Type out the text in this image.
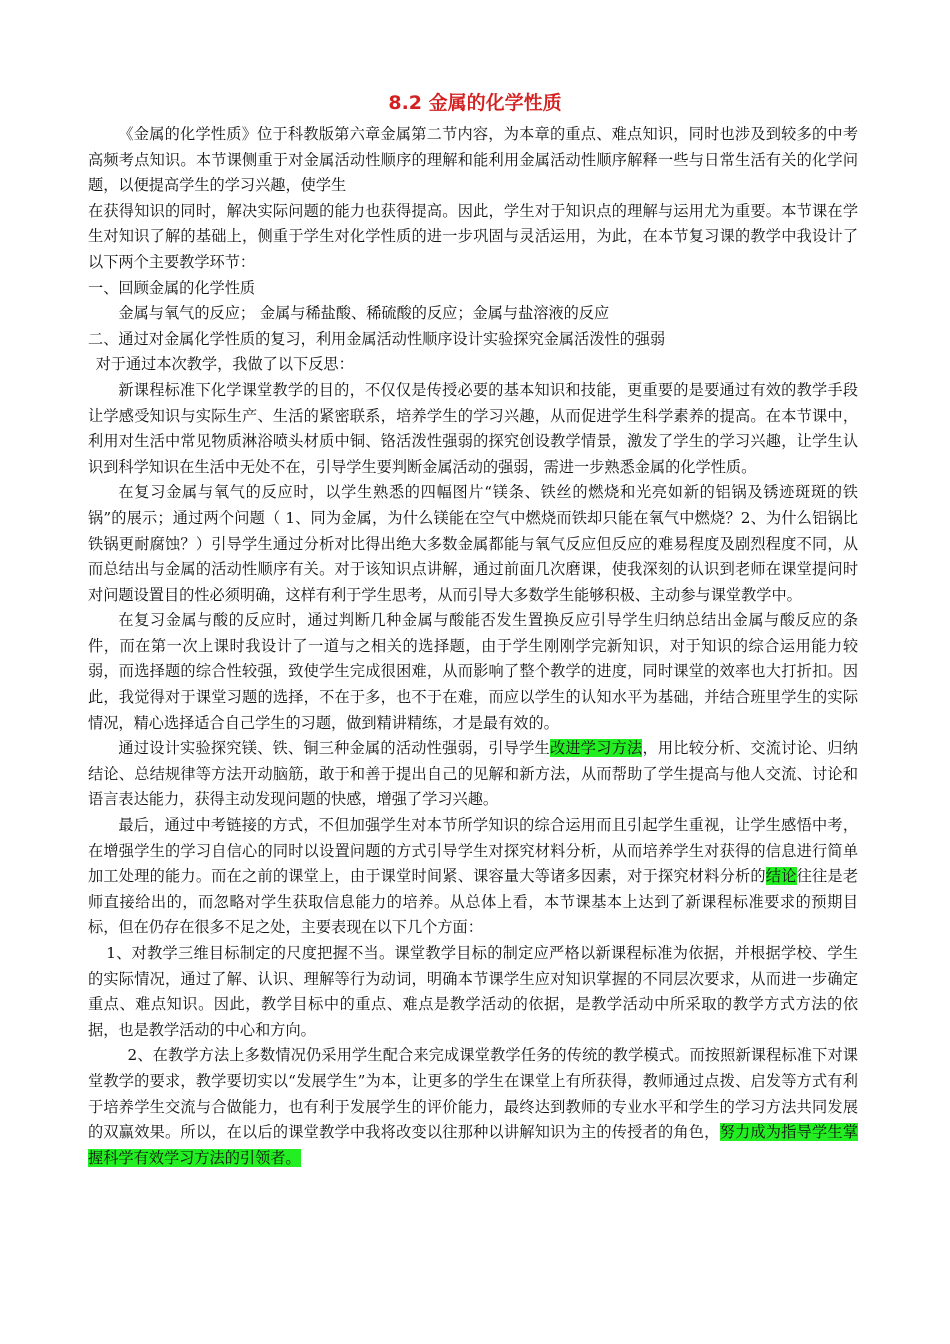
8.2 金属的化学性质

《金属的化学性质》位于科教版第六章金属第二节内容，为本章的重点、难点知识，同时也涉及到较多的中考高频考点知识。本节课侧重于对金属活动性顺序的理解和能利用金属活动性顺序解释一些与日常生活有关的化学问题，以便提高学生的学习兴趣，使学生

在获得知识的同时，解决实际问题的能力也获得提高。因此，学生对于知识点的理解与运用尤为重要。本节课在学生对知识了解的基础上，侧重于学生对化学性质的进一步巩固与灵活运用，为此，在本节复习课的教学中我设计了以下两个主要教学环节：

一、回顾金属的化学性质

金属与氧气的反应； 金属与稀盐酸、稀硫酸的反应；金属与盐溶液的反应

二、通过对金属化学性质的复习，利用金属活动性顺序设计实验探究金属活泼性的强弱

对于通过本次教学，我做了以下反思：

新课程标准下化学课堂教学的目的，不仅仅是传授必要的基本知识和技能，更重要的是要通过有效的教学手段让学感受知识与实际生产、生活的紧密联系，培养学生的学习兴趣，从而促进学生科学素养的提高。在本节课中，利用对生活中常见物质淋浴喷头材质中铜、铬活泼性强弱的探究创设教学情景，激发了学生的学习兴趣，让学生认识到科学知识在生活中无处不在，引导学生要判断金属活动的强弱，需进一步熟悉金属的化学性质。

在复习金属与氧气的反应时，以学生熟悉的四幅图片“镁条、铁丝的燃烧和光亮如新的铝锅及锈迹斑斑的铁锅”的展示；通过两个问题（ 1、同为金属，为什么镁能在空气中燃烧而铁却只能在氧气中燃烧？2、为什么铝锅比铁锅更耐腐蚀？）引导学生通过分析对比得出绝大多数金属都能与氧气反应但反应的难易程度及剧烈程度不同，从而总结出与金属的活动性顺序有关。对于该知识点讲解，通过前面几次磨课，使我深刻的认识到老师在课堂提问时对问题设置目的性必须明确，这样有利于学生思考，从而引导大多数学生能够积极、主动参与课堂教学中。

在复习金属与酸的反应时，通过判断几种金属与酸能否发生置换反应引导学生归纳总结出金属与酸反应的条件，而在第一次上课时我设计了一道与之相关的选择题，由于学生刚刚学完新知识，对于知识的综合运用能力较弱，而选择题的综合性较强，致使学生完成很困难，从而影响了整个教学的进度，同时课堂的效率也大打折扣。因此，我觉得对于课堂习题的选择，不在于多，也不于在难，而应以学生的认知水平为基础，并结合班里学生的实际情况，精心选择适合自己学生的习题，做到精讲精练，才是最有效的。

通过设计实验探究镁、铁、铜三种金属的活动性强弱，引导学生改进学习方法，用比较分析、交流讨论、归纳结论、总结规律等方法开动脑筋，敢于和善于提出自己的见解和新方法，从而帮助了学生提高与他人交流、讨论和语言表达能力，获得主动发现问题的快感，增强了学习兴趣。

最后，通过中考链接的方式，不但加强学生对本节所学知识的综合运用而且引起学生重视，让学生感悟中考，在增强学生的学习自信心的同时以设置问题的方式引导学生对探究材料分析，从而培养学生对获得的信息进行简单加工处理的能力。而在之前的课堂上，由于课堂时间紧、课容量大等诸多因素，对于探究材料分析的结论往往是老师直接给出的，而忽略对学生获取信息能力的培养。从总体上看，本节课基本上达到了新课程标准要求的预期目标，但在仍存在很多不足之处，主要表现在以下几个方面：

1、对教学三维目标制定的尺度把握不当。课堂教学目标的制定应严格以新课程标准为依据，并根据学校、学生的实际情况，通过了解、认识、理解等行为动词，明确本节课学生应对知识掌握的不同层次要求，从而进一步确定重点、难点知识。因此，教学目标中的重点、难点是教学活动的依据，是教学活动中所采取的教学方式方法的依据，也是教学活动的中心和方向。

2、在教学方法上多数情况仍采用学生配合来完成课堂教学任务的传统的教学模式。而按照新课程标准下对课堂教学的要求，教学要切实以“发展学生”为本，让更多的学生在课堂上有所获得，教师通过点拨、启发等方式有利于培养学生交流与合做能力，也有利于发展学生的评价能力，最终达到教师的专业水平和学生的学习方法共同发展的双赢效果。所以，在以后的课堂教学中我将改变以往那种以讲解知识为主的传授者的角色，努力成为指导学生掌握科学有效学习方法的引领者。
